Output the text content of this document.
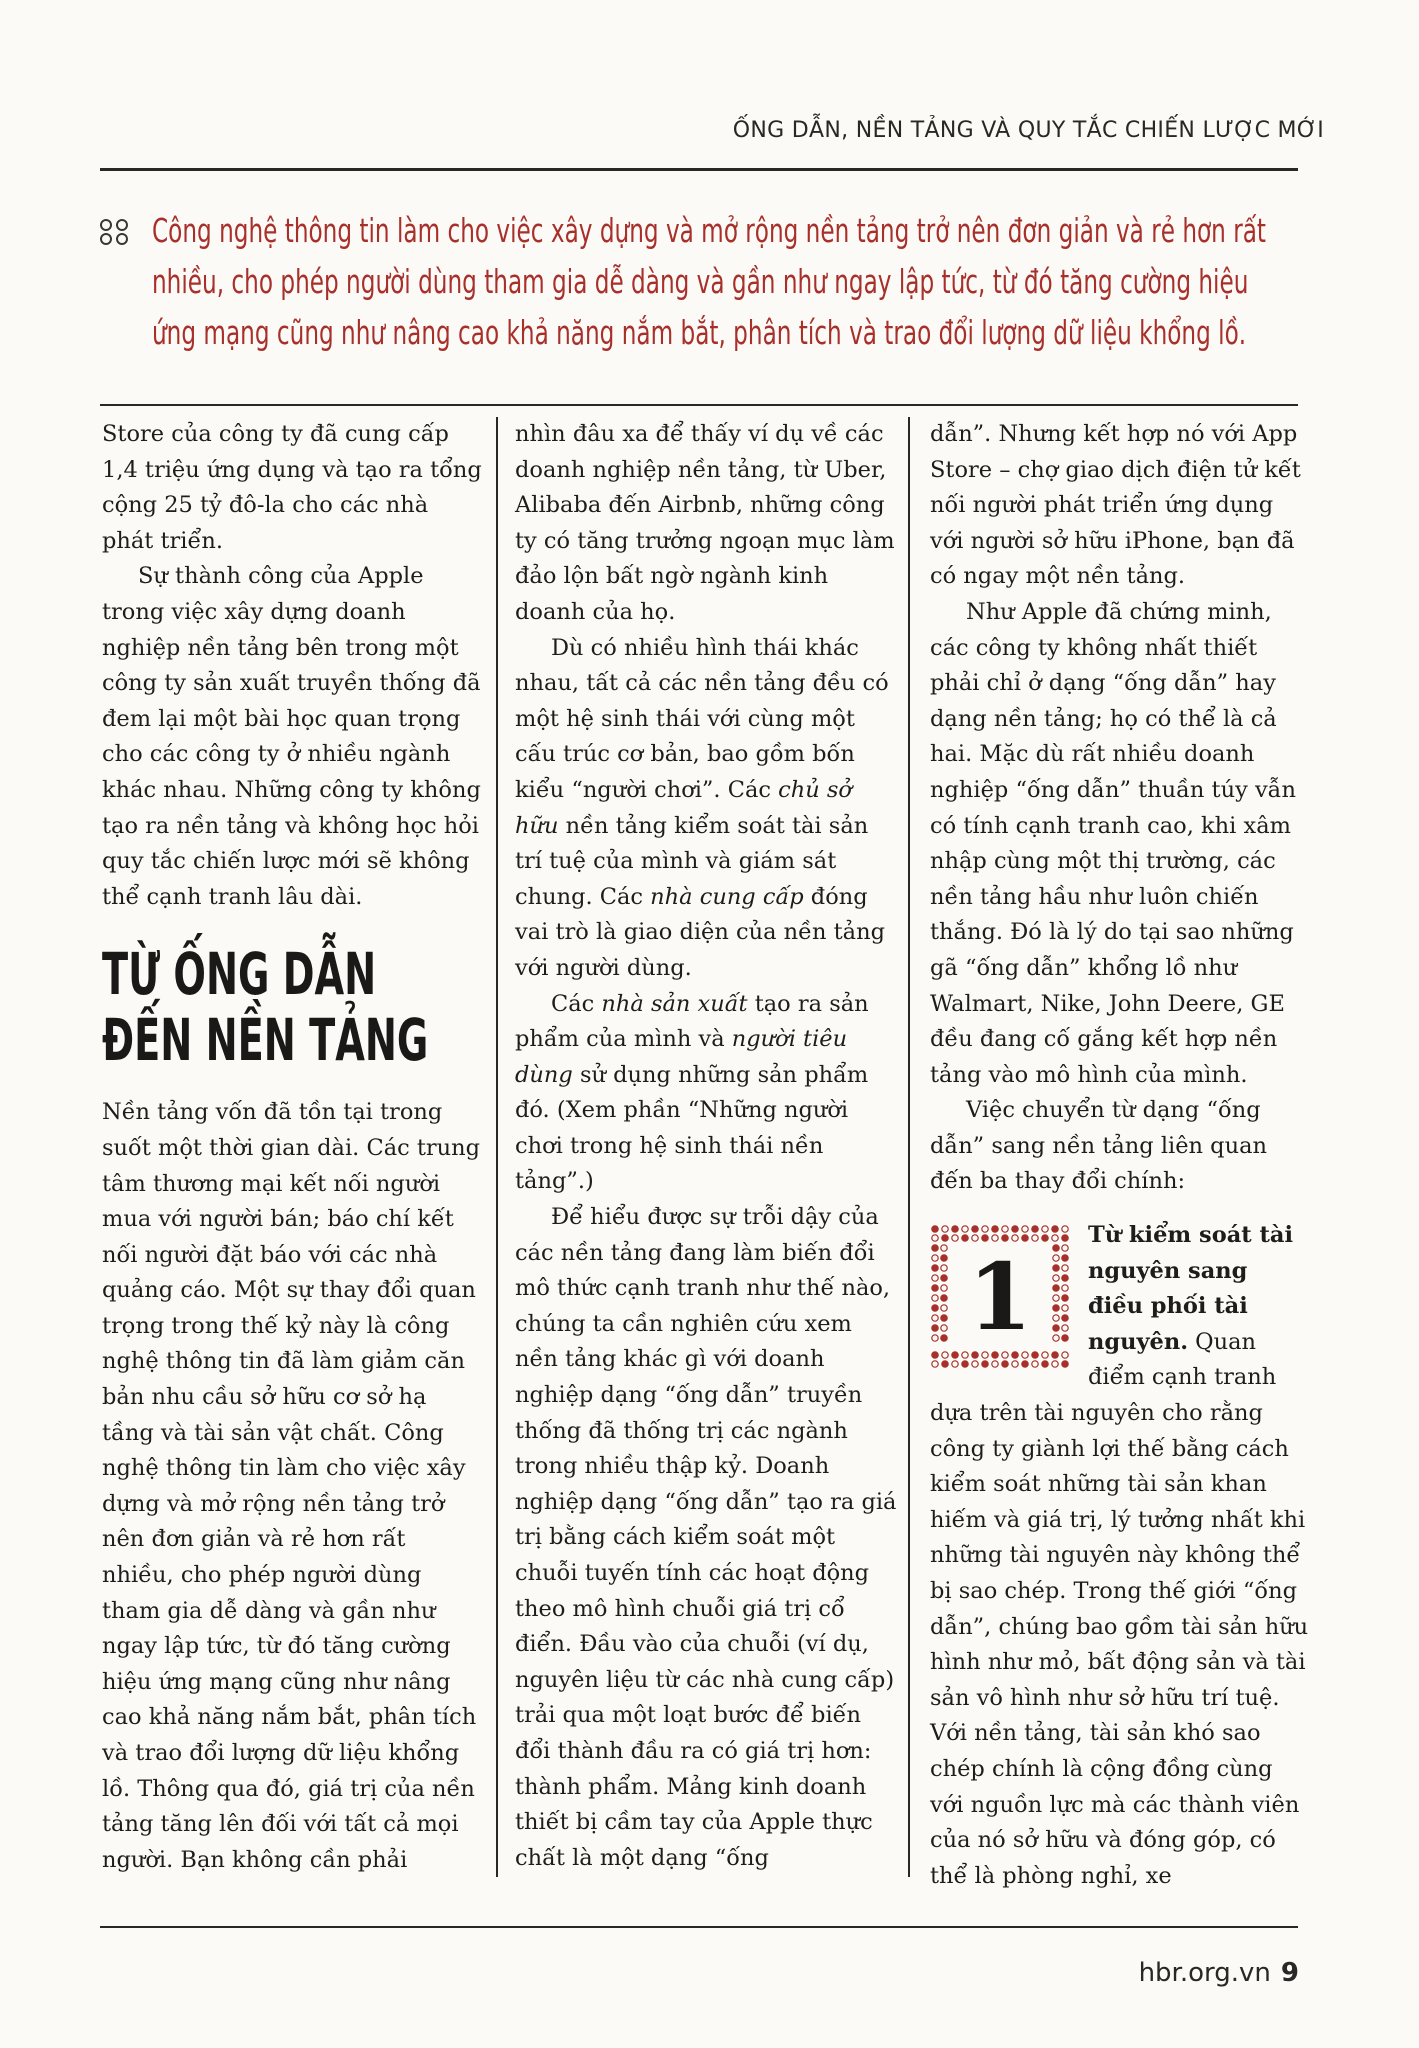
ỐNG DẪN, NỀN TẢNG VÀ QUY TẮC CHIẾN LƯỢC MỚI

Công nghệ thông tin làm cho việc xây dựng và mở rộng nền tảng trở nên đơn giản và rẻ hơn rất nhiều, cho phép người dùng tham gia dễ dàng và gần như ngay lập tức, từ đó tăng cường hiệu ứng mạng cũng như nâng cao khả năng nắm bắt, phân tích và trao đổi lượng dữ liệu khổng lồ.

Store của công ty đã cung cấp 1,4 triệu ứng dụng và tạo ra tổng cộng 25 tỷ đô-la cho các nhà phát triển.

Sự thành công của Apple trong việc xây dựng doanh nghiệp nền tảng bên trong một công ty sản xuất truyền thống đã đem lại một bài học quan trọng cho các công ty ở nhiều ngành khác nhau. Những công ty không tạo ra nền tảng và không học hỏi quy tắc chiến lược mới sẽ không thể cạnh tranh lâu dài.

TỪ ỐNG DẪN ĐẾN NỀN TẢNG

Nền tảng vốn đã tồn tại trong suốt một thời gian dài. Các trung tâm thương mại kết nối người mua với người bán; báo chí kết nối người đặt báo với các nhà quảng cáo. Một sự thay đổi quan trọng trong thế kỷ này là công nghệ thông tin đã làm giảm căn bản nhu cầu sở hữu cơ sở hạ tầng và tài sản vật chất. Công nghệ thông tin làm cho việc xây dựng và mở rộng nền tảng trở nên đơn giản và rẻ hơn rất nhiều, cho phép người dùng tham gia dễ dàng và gần như ngay lập tức, từ đó tăng cường hiệu ứng mạng cũng như nâng cao khả năng nắm bắt, phân tích và trao đổi lượng dữ liệu khổng lồ. Thông qua đó, giá trị của nền tảng tăng lên đối với tất cả mọi người. Bạn không cần phải

nhìn đâu xa để thấy ví dụ về các doanh nghiệp nền tảng, từ Uber, Alibaba đến Airbnb, những công ty có tăng trưởng ngoạn mục làm đảo lộn bất ngờ ngành kinh doanh của họ.

Dù có nhiều hình thái khác nhau, tất cả các nền tảng đều có một hệ sinh thái với cùng một cấu trúc cơ bản, bao gồm bốn kiểu “người chơi”. Các chủ sở hữu nền tảng kiểm soát tài sản trí tuệ của mình và giám sát chung. Các nhà cung cấp đóng vai trò là giao diện của nền tảng với người dùng.

Các nhà sản xuất tạo ra sản phẩm của mình và người tiêu dùng sử dụng những sản phẩm đó. (Xem phần “Những người chơi trong hệ sinh thái nền tảng”.)

Để hiểu được sự trỗi dậy của các nền tảng đang làm biến đổi mô thức cạnh tranh như thế nào, chúng ta cần nghiên cứu xem nền tảng khác gì với doanh nghiệp dạng “ống dẫn” truyền thống đã thống trị các ngành trong nhiều thập kỷ. Doanh nghiệp dạng “ống dẫn” tạo ra giá trị bằng cách kiểm soát một chuỗi tuyến tính các hoạt động theo mô hình chuỗi giá trị cổ điển. Đầu vào của chuỗi (ví dụ, nguyên liệu từ các nhà cung cấp) trải qua một loạt bước để biến đổi thành đầu ra có giá trị hơn: thành phẩm. Mảng kinh doanh thiết bị cầm tay của Apple thực chất là một dạng “ống

dẫn”. Nhưng kết hợp nó với App Store – chợ giao dịch điện tử kết nối người phát triển ứng dụng với người sở hữu iPhone, bạn đã có ngay một nền tảng.

Như Apple đã chứng minh, các công ty không nhất thiết phải chỉ ở dạng “ống dẫn” hay dạng nền tảng; họ có thể là cả hai. Mặc dù rất nhiều doanh nghiệp “ống dẫn” thuần túy vẫn có tính cạnh tranh cao, khi xâm nhập cùng một thị trường, các nền tảng hầu như luôn chiến thắng. Đó là lý do tại sao những gã “ống dẫn” khổng lồ như Walmart, Nike, John Deere, GE đều đang cố gắng kết hợp nền tảng vào mô hình của mình.

Việc chuyển từ dạng “ống dẫn” sang nền tảng liên quan đến ba thay đổi chính:

1

Từ kiểm soát tài nguyên sang điều phối tài nguyên. Quan điểm cạnh tranh dựa trên tài nguyên cho rằng công ty giành lợi thế bằng cách kiểm soát những tài sản khan hiếm và giá trị, lý tưởng nhất khi những tài nguyên này không thể bị sao chép. Trong thế giới “ống dẫn”, chúng bao gồm tài sản hữu hình như mỏ, bất động sản và tài sản vô hình như sở hữu trí tuệ. Với nền tảng, tài sản khó sao chép chính là cộng đồng cùng với nguồn lực mà các thành viên của nó sở hữu và đóng góp, có thể là phòng nghỉ, xe

hbr.org.vn 9
